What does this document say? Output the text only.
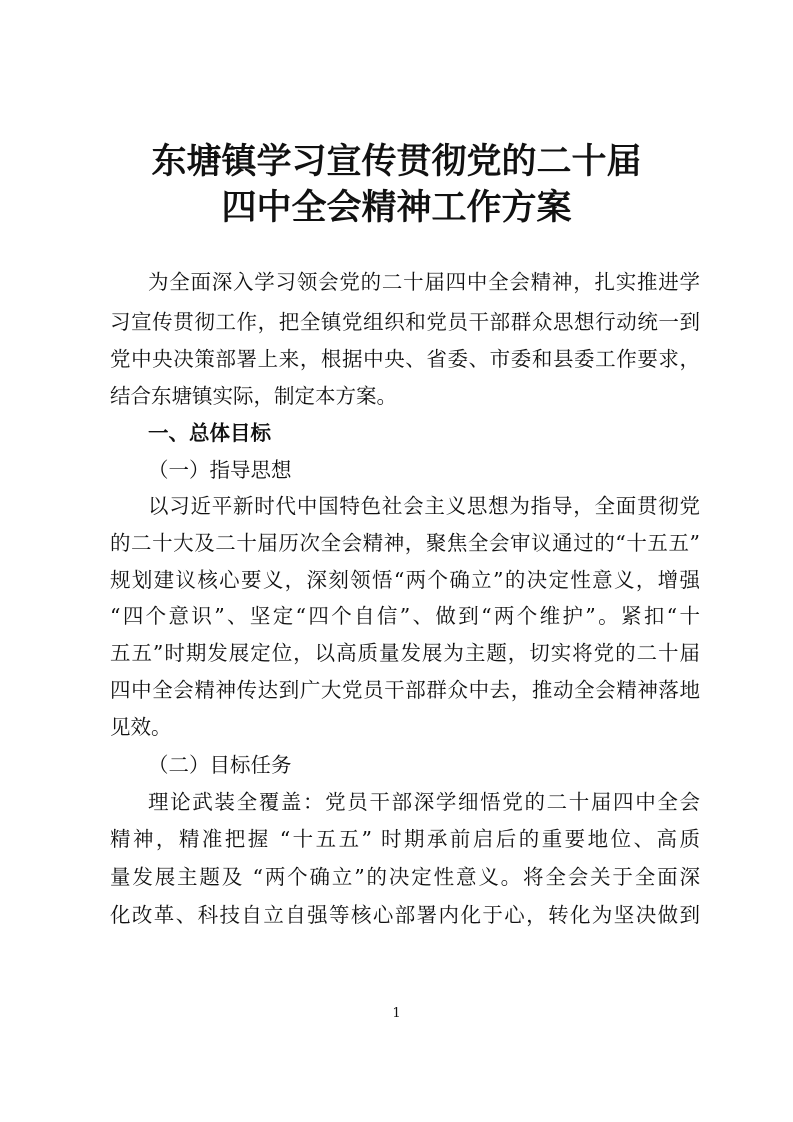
东塘镇学习宣传贯彻党的二十届
四中全会精神工作方案
为全面深入学习领会党的二十届四中全会精神，扎实推进学
习宣传贯彻工作，把全镇党组织和党员干部群众思想行动统一到
党中央决策部署上来，根据中央、省委、市委和县委工作要求，
结合东塘镇实际，制定本方案。
一、总体目标
（一）指导思想
以习近平新时代中国特色社会主义思想为指导，全面贯彻党
的二十大及二十届历次全会精神，聚焦全会审议通过的“十五五”
规划建议核心要义，深刻领悟“两个确立”的决定性意义，增强
“四个意识”、坚定“四个自信”、做到“两个维护”。紧扣“十
五五”时期发展定位，以高质量发展为主题，切实将党的二十届
四中全会精神传达到广大党员干部群众中去，推动全会精神落地
见效。
（二）目标任务
理论武装全覆盖：党员干部深学细悟党的二十届四中全会
精神，精准把握 “十五五” 时期承前启后的重要地位、高质
量发展主题及 “两个确立”的决定性意义。将全会关于全面深
化改革、科技自立自强等核心部署内化于心，转化为坚决做到
1
